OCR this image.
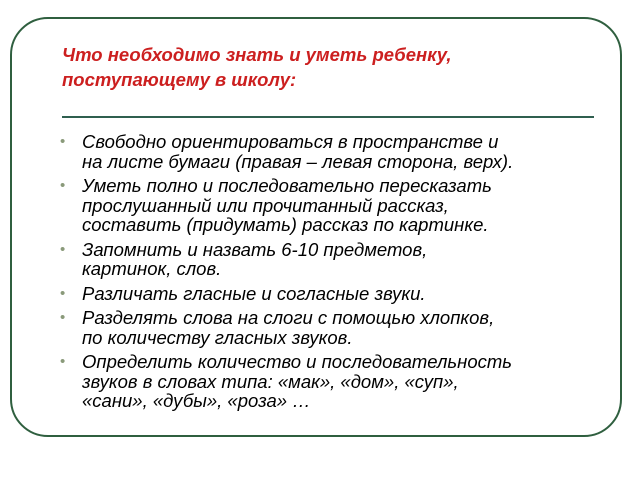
Что необходимо знать и уметь ребенку,
поступающему в школу:
• Свободно ориентироваться в пространстве и
на листе бумаги (правая – левая сторона, верх).
• Уметь полно и последовательно пересказать
прослушанный или прочитанный рассказ,
составить (придумать) рассказ по картинке.
• Запомнить и назвать 6-10 предметов,
картинок, слов.
• Различать гласные и согласные звуки.
• Разделять слова на слоги с помощью хлопков,
по количеству гласных звуков.
• Определить количество и последовательность
звуков в словах типа: «мак», «дом», «суп»,
«сани», «дубы», «роза» …
